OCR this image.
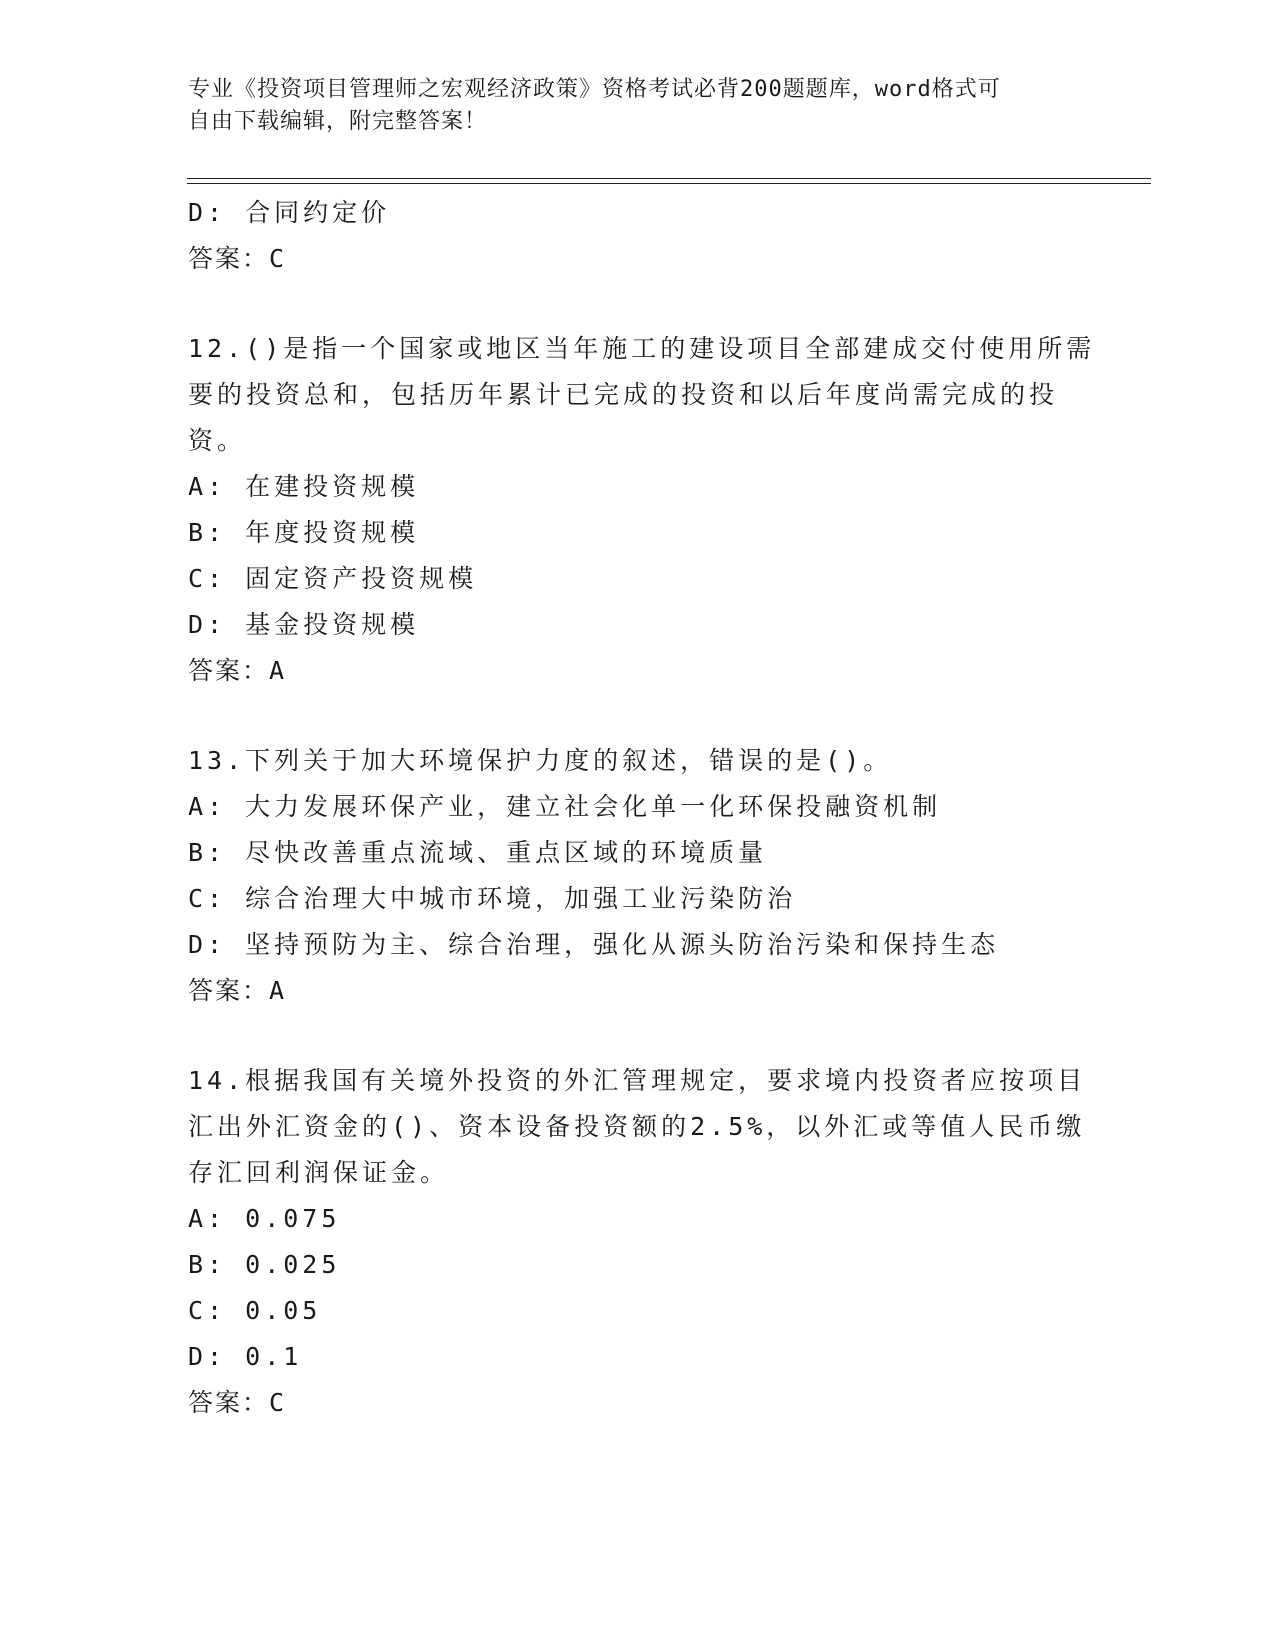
专业《投资项目管理师之宏观经济政策》资格考试必背200题题库，word格式可
自由下载编辑，附完整答案！
D: 合同约定价
答案：C
12.()是指一个国家或地区当年施工的建设项目全部建成交付使用所需
要的投资总和，包括历年累计已完成的投资和以后年度尚需完成的投
资。
A: 在建投资规模
B: 年度投资规模
C: 固定资产投资规模
D: 基金投资规模
答案：A
13.下列关于加大环境保护力度的叙述，错误的是()。
A: 大力发展环保产业，建立社会化单一化环保投融资机制
B: 尽快改善重点流域、重点区域的环境质量
C: 综合治理大中城市环境，加强工业污染防治
D: 坚持预防为主、综合治理，强化从源头防治污染和保持生态
答案：A
14.根据我国有关境外投资的外汇管理规定，要求境内投资者应按项目
汇出外汇资金的()、资本设备投资额的2.5%，以外汇或等值人民币缴
存汇回利润保证金。
A: 0.075
B: 0.025
C: 0.05
D: 0.1
答案：C
